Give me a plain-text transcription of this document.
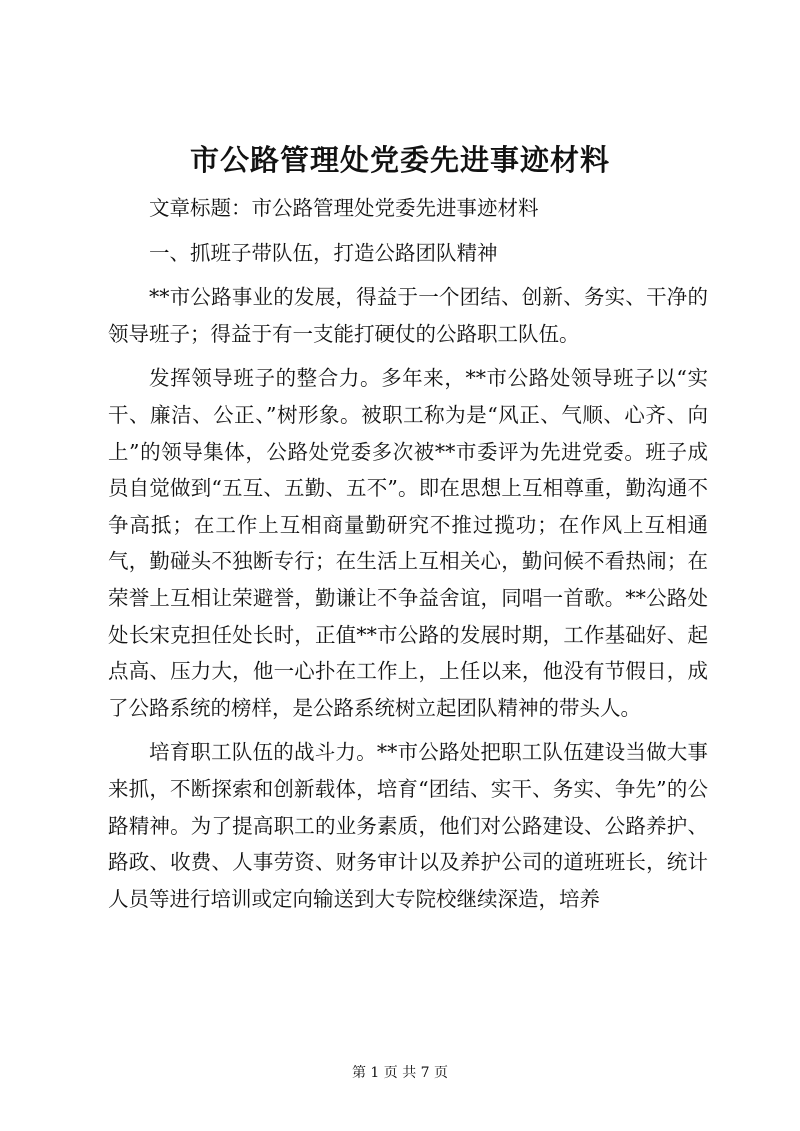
市公路管理处党委先进事迹材料

文章标题：市公路管理处党委先进事迹材料

一、抓班子带队伍，打造公路团队精神

**市公路事业的发展，得益于一个团结、创新、务实、干净的领导班子；得益于有一支能打硬仗的公路职工队伍。

发挥领导班子的整合力。多年来，**市公路处领导班子以“实干、廉洁、公正、”树形象。被职工称为是“风正、气顺、心齐、向上”的领导集体，公路处党委多次被**市委评为先进党委。班子成员自觉做到“五互、五勤、五不”。即在思想上互相尊重，勤沟通不争高抵；在工作上互相商量勤研究不推过揽功；在作风上互相通气，勤碰头不独断专行；在生活上互相关心，勤问候不看热闹；在荣誉上互相让荣避誉，勤谦让不争益舍谊，同唱一首歌。**公路处处长宋克担任处长时，正值**市公路的发展时期，工作基础好、起点高、压力大，他一心扑在工作上，上任以来，他没有节假日，成了公路系统的榜样，是公路系统树立起团队精神的带头人。

培育职工队伍的战斗力。**市公路处把职工队伍建设当做大事来抓，不断探索和创新载体，培育“团结、实干、务实、争先”的公路精神。为了提高职工的业务素质，他们对公路建设、公路养护、路政、收费、人事劳资、财务审计以及养护公司的道班班长，统计人员等进行培训或定向输送到大专院校继续深造，培养

第 1 页 共 7 页
